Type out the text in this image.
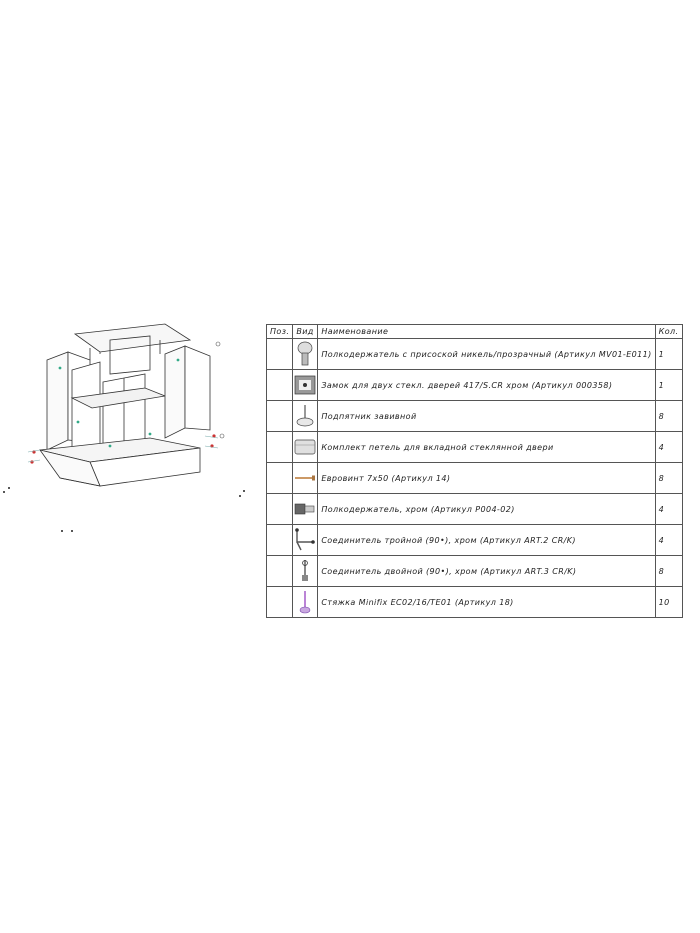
Поз.	Вид	Наименование	Кол.

	Полкодержатель с присоской никель/прозрачный (Артикул MV01-E011)	1

	Замок для двух стекл. дверей 417/S.CR хром (Артикул 000358)	1

	Подпятник завивной	8

	Комплект петель для вкладной стеклянной двери	4

	Евровинт 7х50 (Артикул 14)	8

	Полкодержатель, хром (Артикул P004-02)	4

	Соединитель тройной (90•), хром (Артикул ART.2 CR/K)	4

	Соединитель двойной (90•), хром (Артикул ART.3 CR/K)	8

	Стяжка Minifix EC02/16/TE01 (Артикул 18)	10
